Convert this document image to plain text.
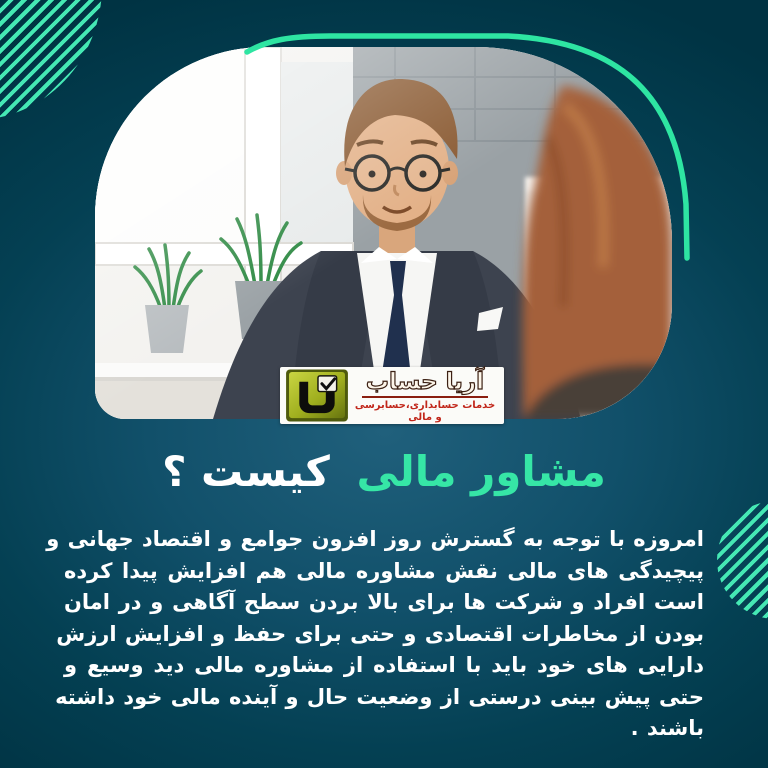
آریا حساب
خدمات حسابداری،حسابرسی و مالی
مشاور مالی کیست ؟
امروزه با توجه به گسترش روز افزون جوامع و اقتصاد جهانی و
پیچیدگی های مالی نقش مشاوره مالی هم افزایش پیدا کرده
است افراد و شرکت ها برای بالا بردن سطح آگاهی و در امان
بودن از مخاطرات اقتصادی و حتی برای حفظ و افزایش ارزش
دارایی های خود باید با استفاده از مشاوره مالی دید وسیع و
حتی پیش بینی درستی از وضعیت حال و آینده مالی خود داشته
باشند .
